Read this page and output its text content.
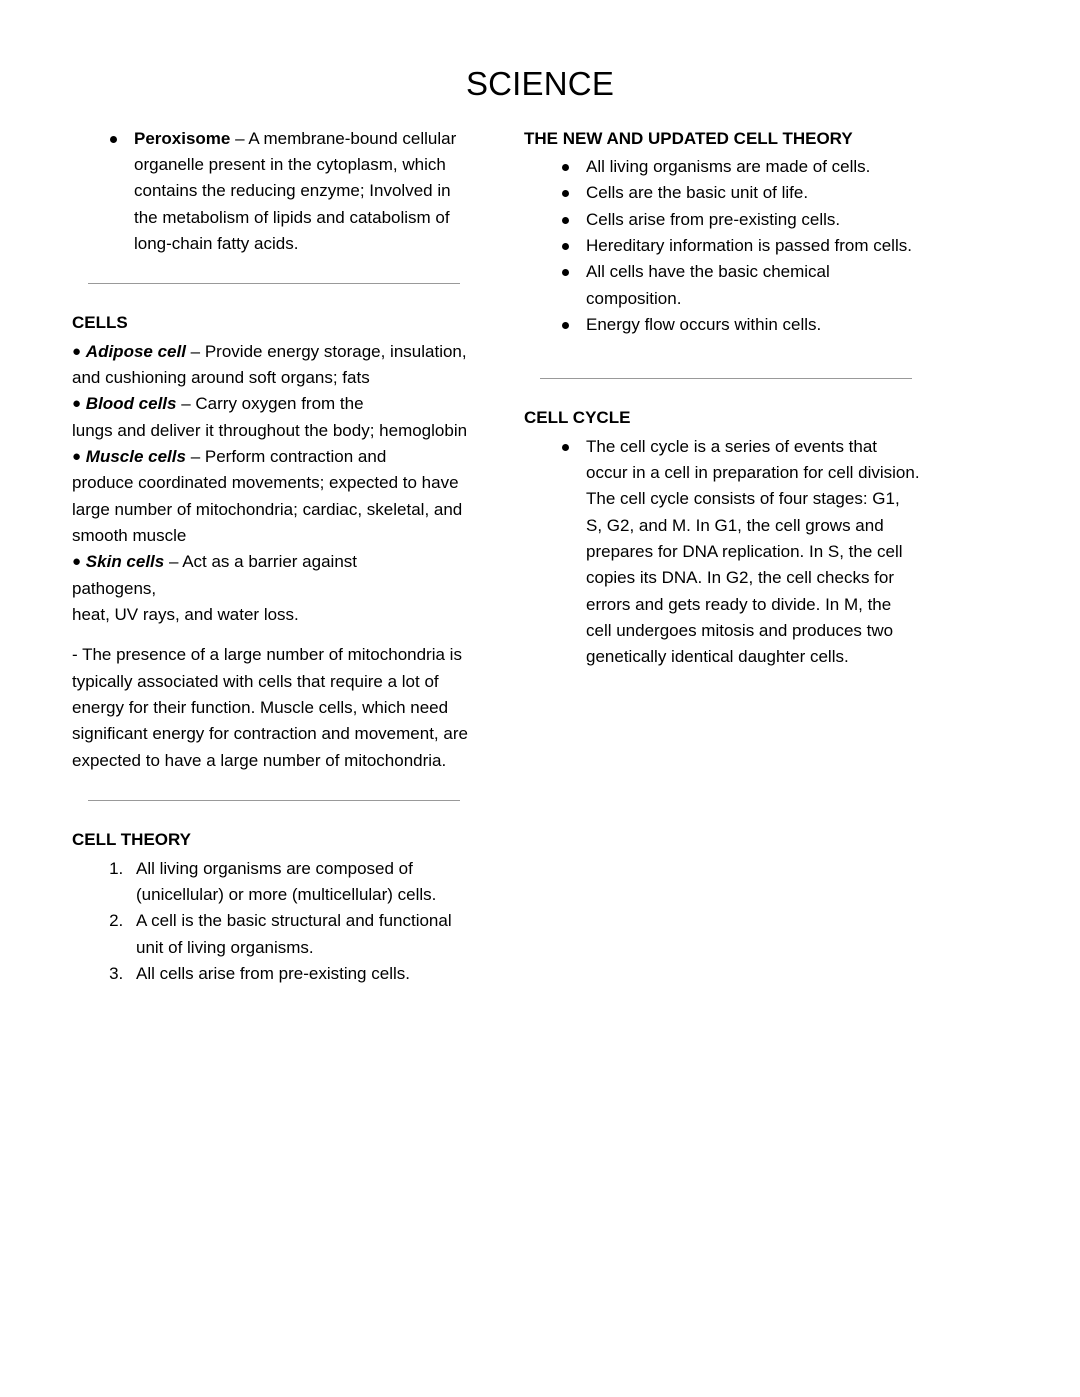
SCIENCE
Peroxisome – A membrane-bound cellular organelle present in the cytoplasm, which contains the reducing enzyme; Involved in the metabolism of lipids and catabolism of long-chain fatty acids.
CELLS

● Adipose cell – Provide energy storage, insulation,

and cushioning around soft organs; fats

● Blood cells – Carry oxygen from the

lungs and deliver it throughout the body; hemoglobin

● Muscle cells – Perform contraction and

produce coordinated movements; expected to have large number of mitochondria; cardiac, skeletal, and

smooth muscle

● Skin cells – Act as a barrier against

pathogens,

heat, UV rays, and water loss.

- The presence of a large number of mitochondria is typically associated with cells that require a lot of energy for their function. Muscle cells, which need significant energy for contraction and movement, are expected to have a large number of mitochondria.

CELL THEORY
1. All living organisms are composed of (unicellular) or more (multicellular) cells.
2. A cell is the basic structural and functional unit of living organisms.
3. All cells arise from pre-existing cells.
THE NEW AND UPDATED CELL THEORY
All living organisms are made of cells.
Cells are the basic unit of life.
Cells arise from pre-existing cells.
Hereditary information is passed from cells.
All cells have the basic chemical composition.
Energy flow occurs within cells.
CELL CYCLE
The cell cycle is a series of events that occur in a cell in preparation for cell division. The cell cycle consists of four stages: G1, S, G2, and M. In G1, the cell grows and prepares for DNA replication. In S, the cell copies its DNA. In G2, the cell checks for errors and gets ready to divide. In M, the cell undergoes mitosis and produces two genetically identical daughter cells.
